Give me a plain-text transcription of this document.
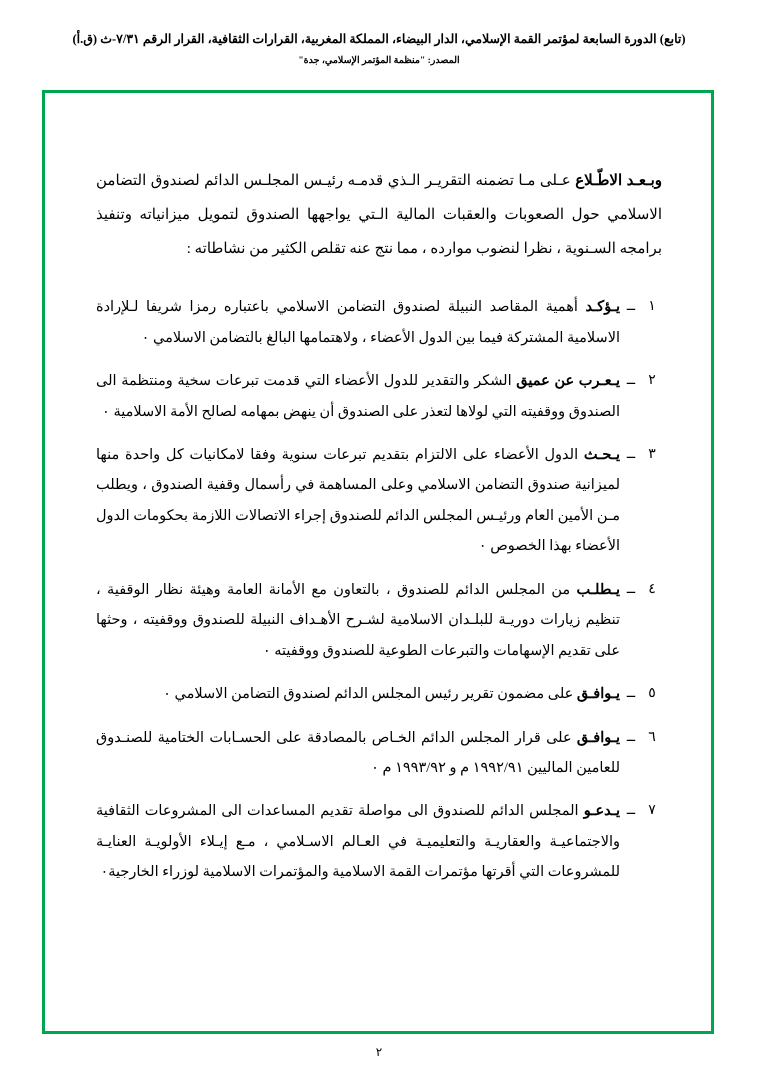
(تابع) الدورة السابعة لمؤتمر القمة الإسلامي، الدار البيضاء، المملكة المغربية، القرارات الثقافية، القرار الرقم ٧/٣١-ث (ق.أ)
المصدر: "منظمة المؤتمر الإسلامي، جدة"

وبـعـد الاطّـلاع عـلى مـا تضمنه التقريـر الـذي قدمـه رئيـس المجلـس الدائم لصندوق التضامن الاسلامي حول الصعوبات والعقبات المالية الـتي يواجهها الصندوق لتمويل ميزانياته وتنفيذ برامجه السـنوية ، نظرا لنضوب موارده ، مما نتج عنه تقلص الكثير من نشاطاته :

١
ــ
يـؤكـد أهمية المقاصد النبيلة لصندوق التضامن الاسلامي باعتباره رمزا شريفا لـلإرادة الاسلامية المشتركة فيما بين الدول الأعضاء ، ولاهتمامها البالغ بالتضامن الاسلامي ٠
٢
ــ
يـعـرب عن عميق الشكر والتقدير للدول الأعضاء التي قدمت تبرعات سخية ومنتظمة الى الصندوق ووقفيته التي لولاها لتعذر على الصندوق أن ينهض بمهامه لصالح الأمة الاسلامية ٠
٣
ــ
يـحـث الدول الأعضاء على الالتزام بتقديم تبرعات سنوية وفقا لامكانيات كل واحدة منها لميزانية صندوق التضامن الاسلامي وعلى المساهمة في رأسمال وقفية الصندوق ، ويطلب مـن الأمين العام ورئيـس المجلس الدائم للصندوق إجراء الاتصالات اللازمة بحكومات الدول الأعضاء بهذا الخصوص ٠
٤
ــ
يـطلـب من المجلس الدائم للصندوق ، بالتعاون مع الأمانة العامة وهيئة نظار الوقفية ، تنظيم زيارات دوريـة للبلـدان الاسلامية لشـرح الأهـداف النبيلة للصندوق ووقفيته ، وحثها على تقديم الإسهامات والتبرعات الطوعية للصندوق ووقفيته ٠
٥
ــ
يـوافـق على مضمون تقرير رئيس المجلس الدائم لصندوق التضامن الاسلامي ٠
٦
ــ
يـوافـق على قرار المجلس الدائم الخـاص بالمصادقة على الحسـابات الختامية للصنـدوق للعامين الماليين ١٩٩٢/٩١ م و ١٩٩٣/٩٢ م ٠
٧
ــ
يـدعـو المجلس الدائم للصندوق الى مواصلة تقديم المساعدات الى المشروعات الثقافية والاجتماعيـة والعقاريـة والتعليميـة في العـالم الاسـلامي ، مـع إيـلاء الأولويـة العنايـة للمشروعات التي أقرتها مؤتمرات القمة الاسلامية والمؤتمرات الاسلامية لوزراء الخارجية٠
٢
